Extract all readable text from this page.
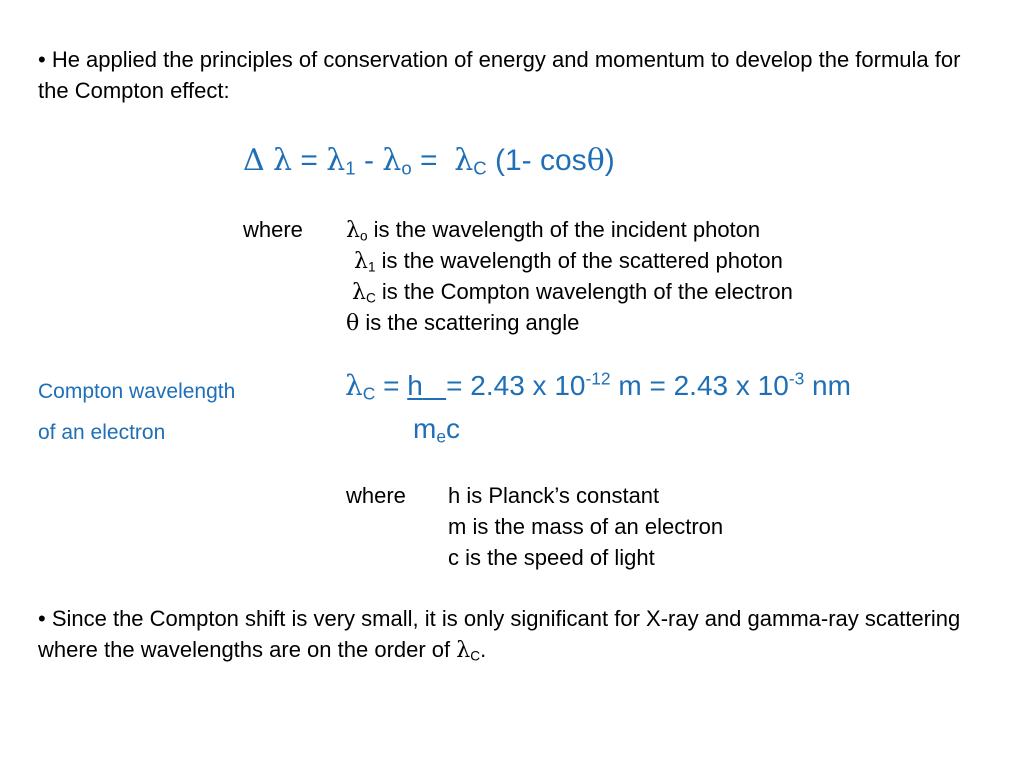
• He applied the principles of conservation of energy and momentum to develop the formula for the Compton effect:
Δ $\lambda = \lambda_1 - \lambda_o = \lambda_C$ (1- cosθ)
where $\lambda_o$ is the wavelength of the incident photon
$\lambda_1$ is the wavelength of the scattered photon
$\lambda_C$ is the Compton wavelength of the electron
θ is the scattering angle
Compton wavelength
of an electron
$\lambda_C = h = 2.43$ x $10^{-12}$ m = 2.43 x $10^{-3}$ nm
$m_ec$
where h is Planck’s constant
m is the mass of an electron
c is the speed of light
• Since the Compton shift is very small, it is only significant for X-ray and gamma-ray scattering where the wavelengths are on the order of $\lambda_C$.
